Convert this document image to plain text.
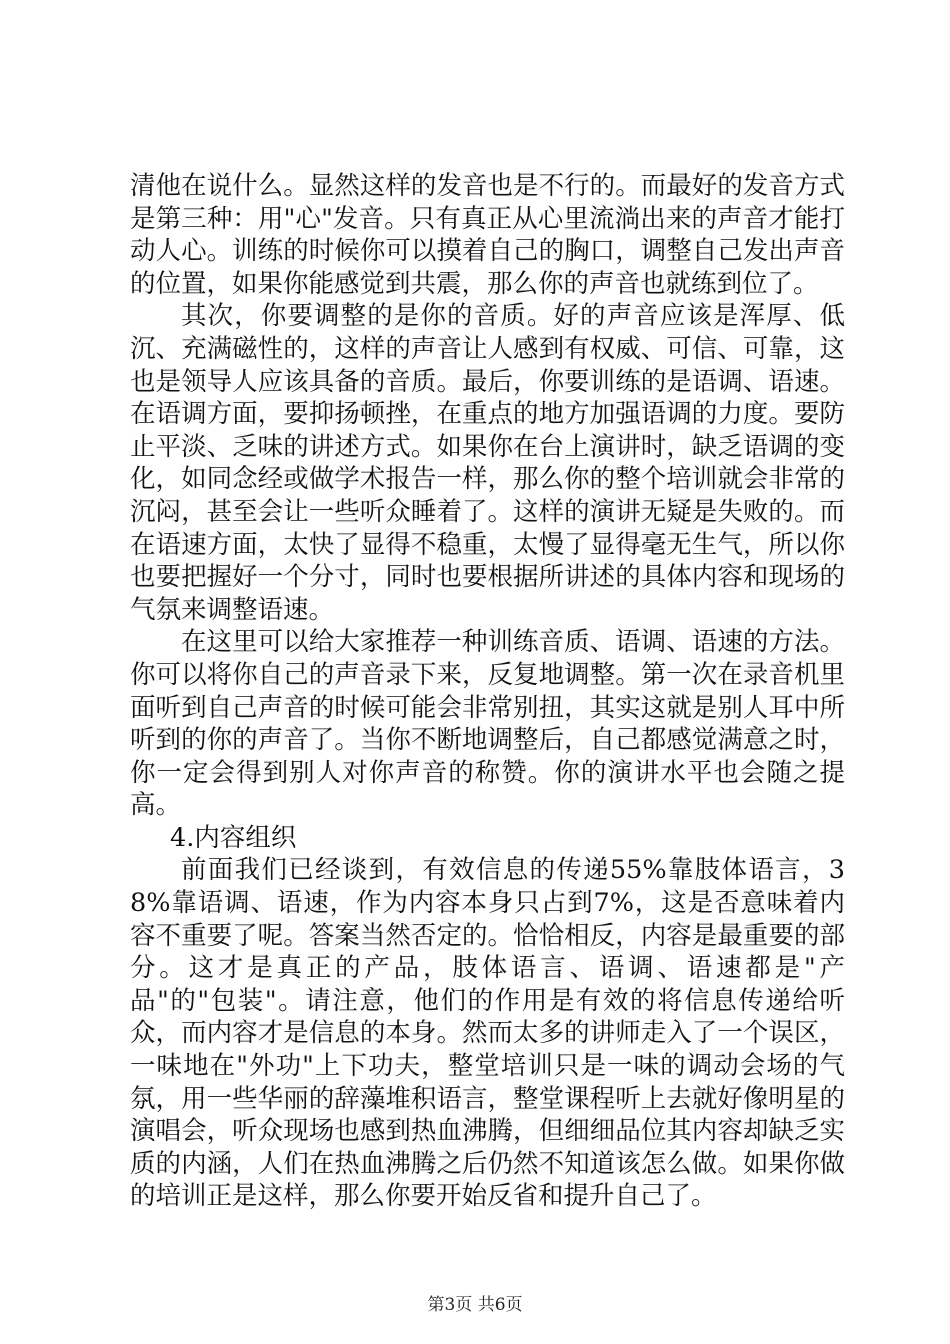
清他在说什么。显然这样的发音也是不行的。而最好的发音方式是第三种：用"心"发音。只有真正从心里流淌出来的声音才能打动人心。训练的时候你可以摸着自己的胸口，调整自己发出声音的位置，如果你能感觉到共震，那么你的声音也就练到位了。

其次，你要调整的是你的音质。好的声音应该是浑厚、低沉、充满磁性的，这样的声音让人感到有权威、可信、可靠，这也是领导人应该具备的音质。最后，你要训练的是语调、语速。在语调方面，要抑扬顿挫，在重点的地方加强语调的力度。要防止平淡、乏味的讲述方式。如果你在台上演讲时，缺乏语调的变化，如同念经或做学术报告一样，那么你的整个培训就会非常的沉闷，甚至会让一些听众睡着了。这样的演讲无疑是失败的。而在语速方面，太快了显得不稳重，太慢了显得毫无生气，所以你也要把握好一个分寸，同时也要根据所讲述的具体内容和现场的气氛来调整语速。

在这里可以给大家推荐一种训练音质、语调、语速的方法。你可以将你自己的声音录下来，反复地调整。第一次在录音机里面听到自己声音的时候可能会非常别扭，其实这就是别人耳中所听到的你的声音了。当你不断地调整后，自己都感觉满意之时，你一定会得到别人对你声音的称赞。你的演讲水平也会随之提高。

4.内容组织

前面我们已经谈到，有效信息的传递55%靠肢体语言，38%靠语调、语速，作为内容本身只占到7%，这是否意味着内容不重要了呢。答案当然否定的。恰恰相反，内容是最重要的部分。这才是真正的产品，肢体语言、语调、语速都是"产品"的"包装"。请注意，他们的作用是有效的将信息传递给听众，而内容才是信息的本身。然而太多的讲师走入了一个误区，一味地在"外功"上下功夫，整堂培训只是一味的调动会场的气氛，用一些华丽的辞藻堆积语言，整堂课程听上去就好像明星的演唱会，听众现场也感到热血沸腾，但细细品位其内容却缺乏实质的内涵，人们在热血沸腾之后仍然不知道该怎么做。如果你做的培训正是这样，那么你要开始反省和提升自己了。

第3页 共6页
